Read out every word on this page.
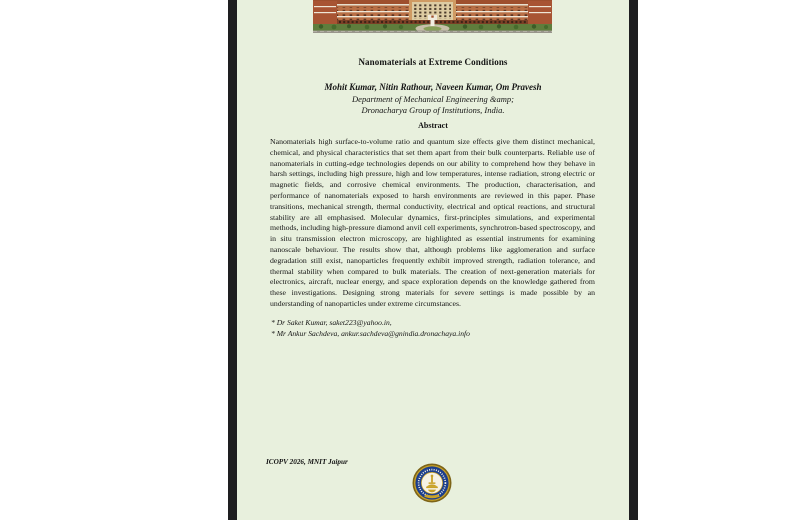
Nanomaterials at Extreme Conditions
Mohit Kumar, Nitin Rathour, Naveen Kumar, Om Pravesh
Department of Mechanical Engineering &amp;
Dronacharya Group of Institutions, India.
Abstract
Nanomaterials high surface-to-volume ratio and quantum size effects give them distinct mechanical, chemical, and physical characteristics that set them apart from their bulk counterparts. Reliable use of nanomaterials in cutting-edge technologies depends on our ability to comprehend how they behave in harsh settings, including high pressure, high and low temperatures, intense radiation, strong electric or magnetic fields, and corrosive chemical environments. The production, characterisation, and performance of nanomaterials exposed to harsh environments are reviewed in this paper. Phase transitions, mechanical strength, thermal conductivity, electrical and optical reactions, and structural stability are all emphasised. Molecular dynamics, first-principles simulations, and experimental methods, including high-pressure diamond anvil cell experiments, synchrotron-based spectroscopy, and in situ transmission electron microscopy, are highlighted as essential instruments for examining nanoscale behaviour. The results show that, although problems like agglomeration and surface degradation still exist, nanoparticles frequently exhibit improved strength, radiation tolerance, and thermal stability when compared to bulk materials. The creation of next-generation materials for electronics, aircraft, nuclear energy, and space exploration depends on the knowledge gathered from these investigations. Designing strong materials for severe settings is made possible by an understanding of nanoparticles under extreme circumstances.
* Dr Saket Kumar, saket223@yahoo.in,
* Mr Ankur Sachdeva, ankur.sachdeva@gnindia.dronachaya.info
ICOPV 2026, MNIT Jaipur
